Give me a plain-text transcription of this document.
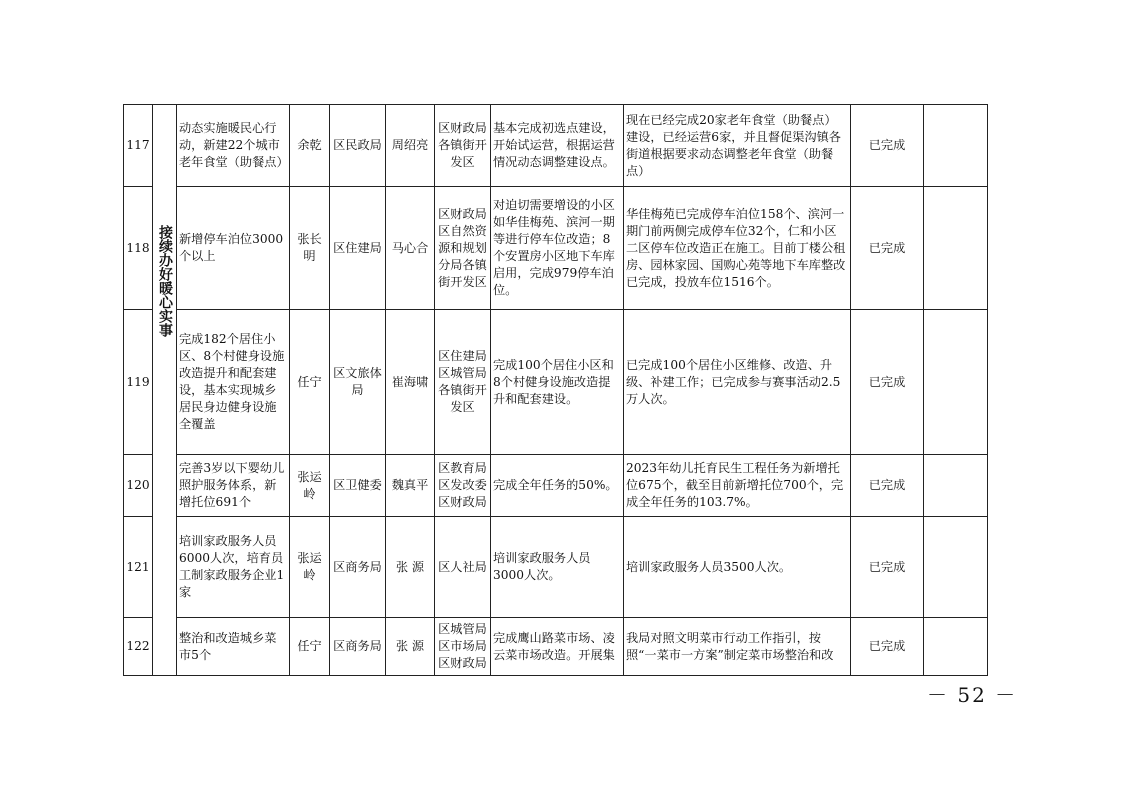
117	接续办好暖心实事	动态实施暖民心行动，新建22个城市老年食堂（助餐点）	余乾	区民政局	周绍亮	区财政局各镇街开发区	基本完成初选点建设，开始试运营，根据运营情况动态调整建设点。	现在已经完成20家老年食堂（助餐点）建设，已经运营6家，并且督促渠沟镇各街道根据要求动态调整老年食堂（助餐点）	已完成	
118		新增停车泊位3000个以上	张长明	区住建局	马心合	区财政局区自然资源和规划分局各镇街开发区	对迫切需要增设的小区如华佳梅苑、滨河一期等进行停车位改造；8个安置房小区地下车库启用，完成979停车泊位。	华佳梅苑已完成停车泊位158个、滨河一期门前两侧完成停车位32个，仁和小区二区停车位改造正在施工。目前丁楼公租房、园林家园、国购心苑等地下车库整改已完成，投放车位1516个。	已完成	
119		完成182个居住小区、8个村健身设施改造提升和配套建设，基本实现城乡居民身边健身设施全覆盖	任宁	区文旅体局	崔海啸	区住建局区城管局各镇街开发区	完成100个居住小区和8个村健身设施改造提升和配套建设。	已完成100个居住小区维修、改造、升级、补建工作；已完成参与赛事活动2.5万人次。	已完成	
120		完善3岁以下婴幼儿照护服务体系，新增托位691个	张运岭	区卫健委	魏真平	区教育局区发改委区财政局	完成全年任务的50%。	2023年幼儿托育民生工程任务为新增托位675个，截至目前新增托位700个，完成全年任务的103.7%。	已完成	
121		培训家政服务人员6000人次，培育员工制家政服务企业1家	张运岭	区商务局	张 源	区人社局	培训家政服务人员3000人次。	培训家政服务人员3500人次。	已完成	
122		整治和改造城乡菜市5个	任宁	区商务局	张 源	区城管局区市场局区财政局	完成鹰山路菜市场、凌云菜市场改造。开展集	我局对照文明菜市行动工作指引，按照“一菜市一方案”制定菜市场整治和改	已完成	
－ 52 －
